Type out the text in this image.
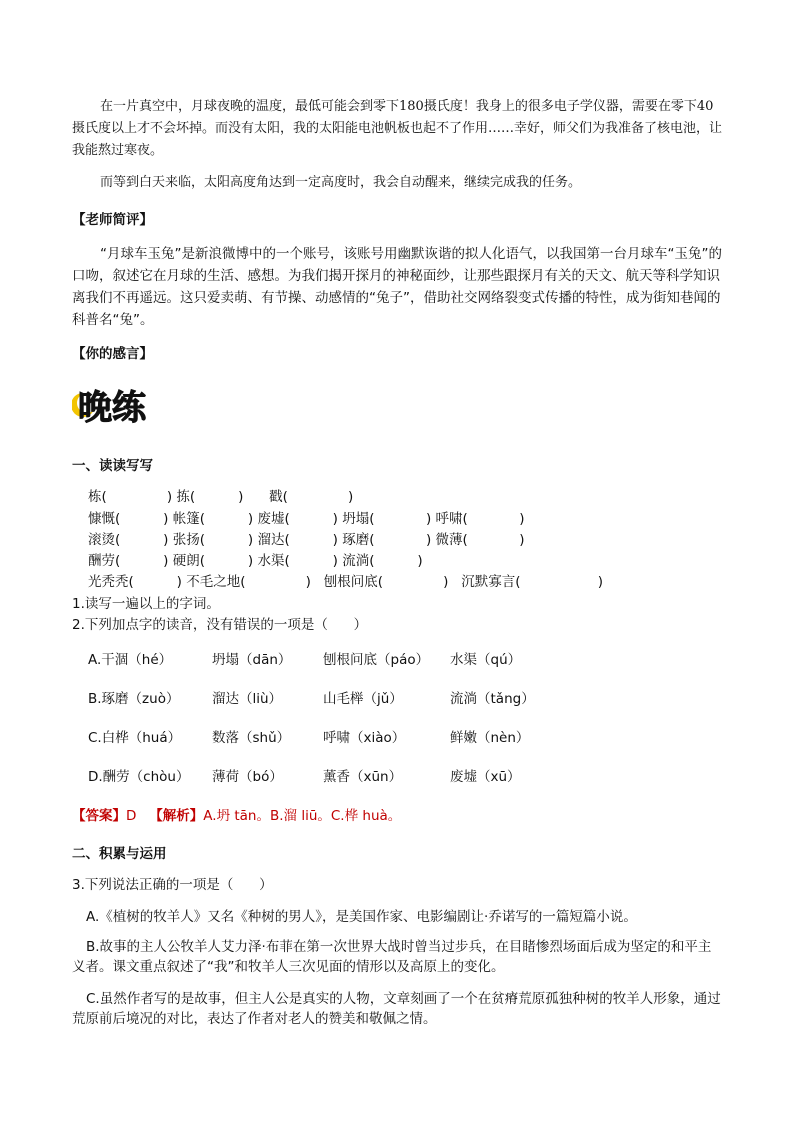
在一片真空中，月球夜晚的温度，最低可能会到零下180摄氏度！我身上的很多电子学仪器，需要在零下40摄氏度以上才不会坏掉。而没有太阳，我的太阳能电池帆板也起不了作用……幸好，师父们为我准备了核电池，让我能熬过寒夜。

而等到白天来临，太阳高度角达到一定高度时，我会自动醒来，继续完成我的任务。

【老师简评】

“月球车玉兔”是新浪微博中的一个账号，该账号用幽默诙谐的拟人化语气，以我国第一台月球车“玉兔”的口吻，叙述它在月球的生活、感想。为我们揭开探月的神秘面纱，让那些跟探月有关的天文、航天等科学知识离我们不再遥远。这只爱卖萌、有节操、动感情的“兔子”，借助社交网络裂变式传播的特性，成为街知巷闻的科普名“兔”。

【你的感言】
晚练
一、读读写写
栋(              ) 拣(          )      戳(              )
慷慨(          ) 帐篷(          ) 废墟(          ) 坍塌(            ) 呼啸(            )
滚烫(          ) 张扬(          ) 溜达(          ) 琢磨(            ) 微薄(            )
酬劳(          ) 硬朗(          ) 水渠(          ) 流淌(          )
光秃秃(          ) 不毛之地(              )   刨根问底(              )   沉默寡言(                  )
1.读写一遍以上的字词。
2.下列加点字的读音，没有错误的一项是（      ）
A.干涸（hé）	坍塌（dān） 刨根问底（páo） 水渠（qú）
B.琢磨（zuò） 溜达（liù）	山毛榉（jǔ）	流淌（tǎng）
C.白桦（huá） 数落（shǔ） 呼啸（xiào）	鲜嫩（nèn）
D.酬劳（chòu） 薄荷（bó）	薰香（xūn）	废墟（xū）
【答案】D 【解析】A.坍 tān。B.溜 liū。C.桦 huà。
二、积累与运用
3.下列说法正确的一项是（      ）

A.《植树的牧羊人》又名《种树的男人》，是美国作家、电影编剧让·乔诺写的一篇短篇小说。

B.故事的主人公牧羊人艾力泽·布菲在第一次世界大战时曾当过步兵，在目睹惨烈场面后成为坚定的和平主义者。课文重点叙述了“我”和牧羊人三次见面的情形以及高原上的变化。

C.虽然作者写的是故事，但主人公是真实的人物，文章刻画了一个在贫瘠荒原孤独种树的牧羊人形象，通过荒原前后境况的对比，表达了作者对老人的赞美和敬佩之情。
